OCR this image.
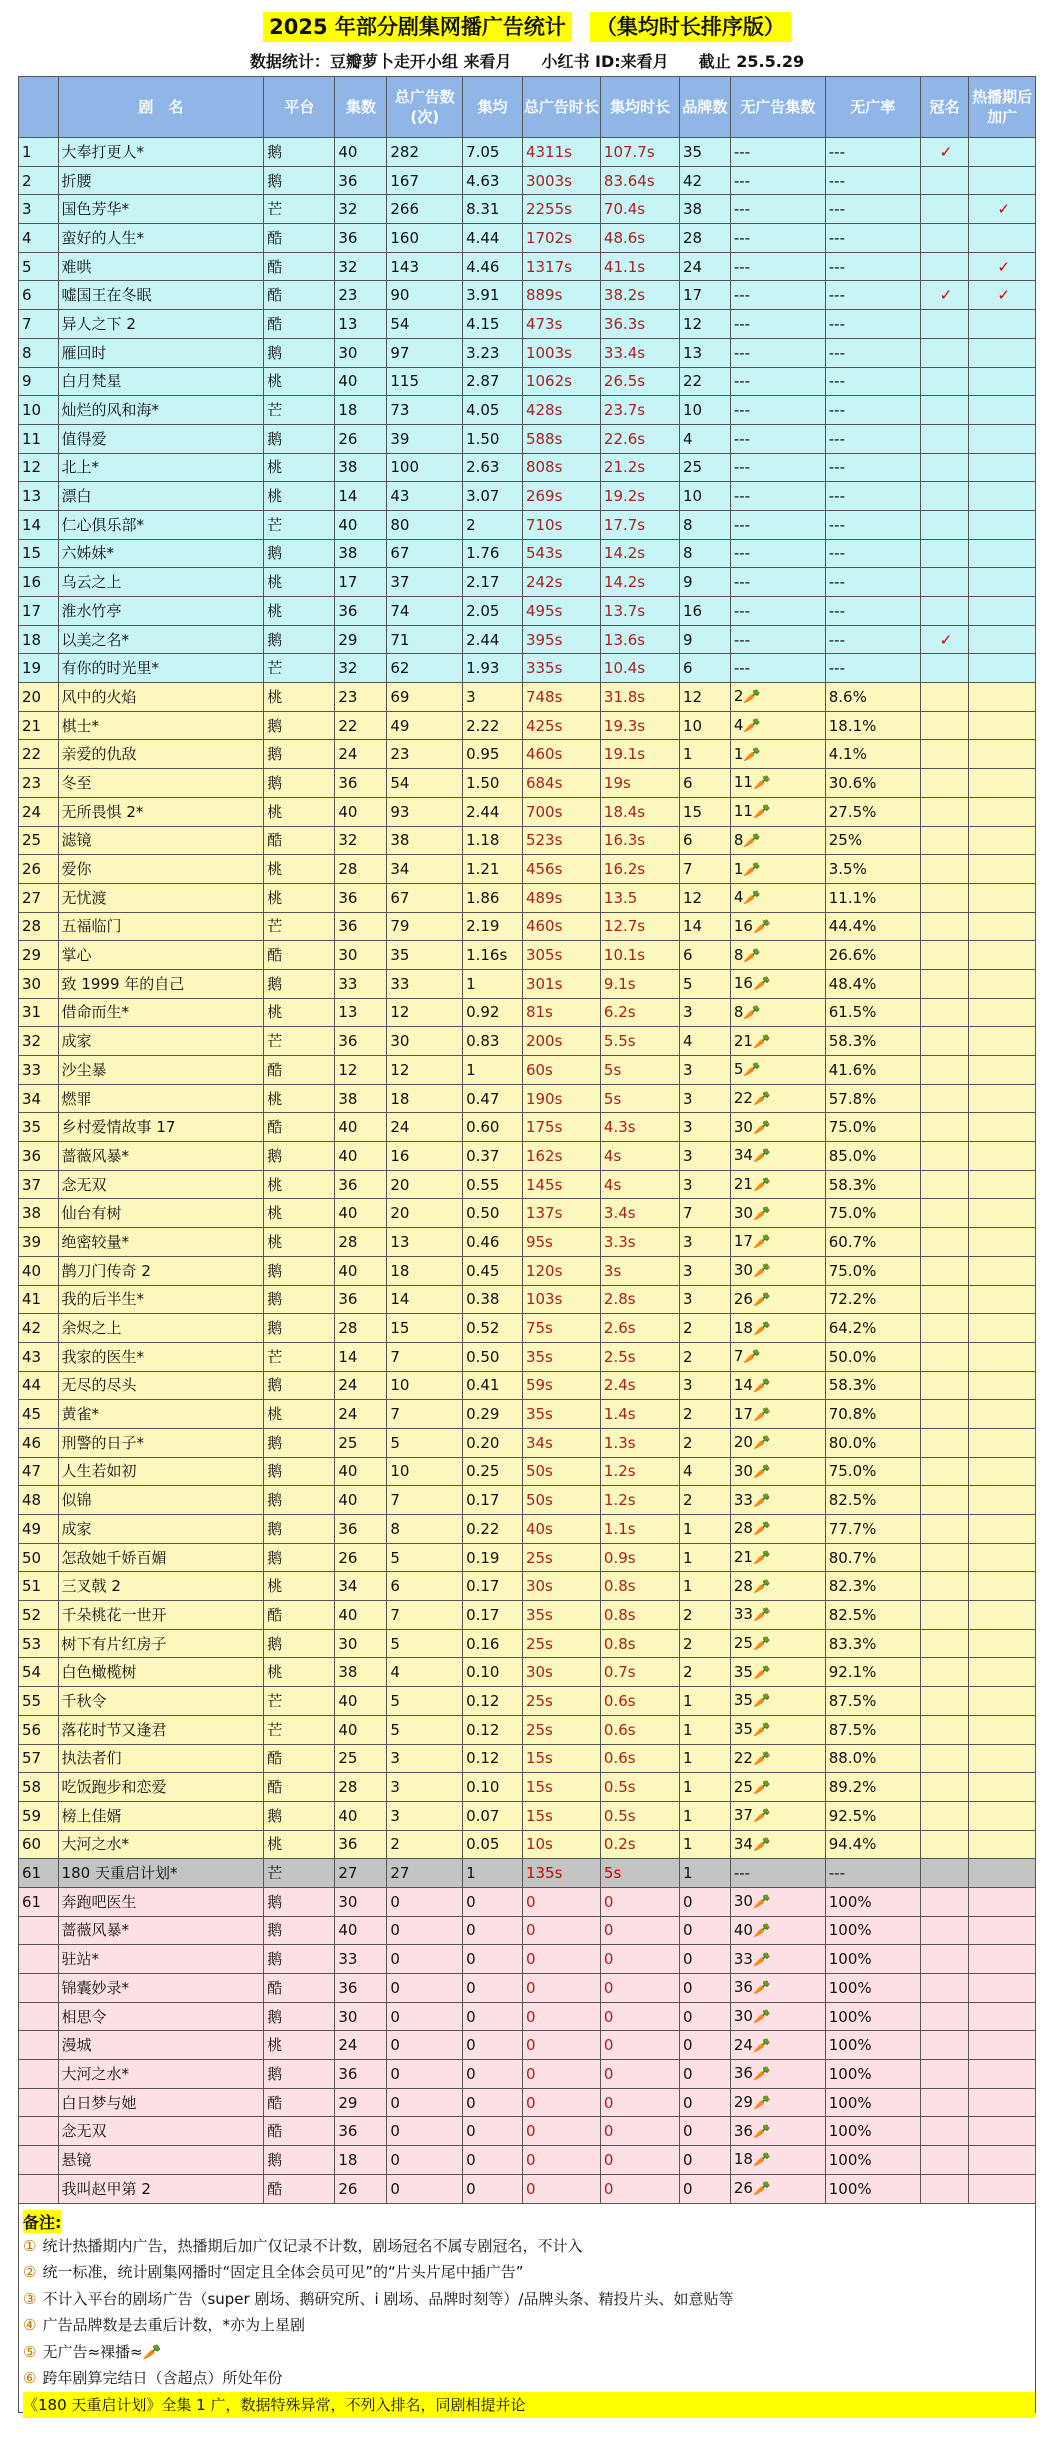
2025 年部分剧集网播广告统计 （集均时长排序版）
数据统计：豆瓣萝卜走开小组 来看月 小红书 ID:来看月 截止 25.5.29
	剧　名	平台	集数	总广告数(次)	集均	总广告时长	集均时长	品牌数	无广告集数	无广率	冠名	热播期后加广
1	大奉打更人*	鹅	40	282	7.05	4311s	107.7s	35	---	---	✓	
2	折腰	鹅	36	167	4.63	3003s	83.64s	42	---	---		
3	国色芳华*	芒	32	266	8.31	2255s	70.4s	38	---	---		✓
4	蛮好的人生*	酷	36	160	4.44	1702s	48.6s	28	---	---		
5	难哄	酷	32	143	4.46	1317s	41.1s	24	---	---		✓
6	嘘国王在冬眠	酷	23	90	3.91	889s	38.2s	17	---	---	✓	✓
7	异人之下 2	酷	13	54	4.15	473s	36.3s	12	---	---		
8	雁回时	鹅	30	97	3.23	1003s	33.4s	13	---	---		
9	白月梵星	桃	40	115	2.87	1062s	26.5s	22	---	---		
10	灿烂的风和海*	芒	18	73	4.05	428s	23.7s	10	---	---		
11	值得爱	鹅	26	39	1.50	588s	22.6s	4	---	---		
12	北上*	桃	38	100	2.63	808s	21.2s	25	---	---		
13	漂白	桃	14	43	3.07	269s	19.2s	10	---	---		
14	仁心俱乐部*	芒	40	80	2	710s	17.7s	8	---	---		
15	六姊妹*	鹅	38	67	1.76	543s	14.2s	8	---	---		
16	乌云之上	桃	17	37	2.17	242s	14.2s	9	---	---		
17	淮水竹亭	桃	36	74	2.05	495s	13.7s	16	---	---		
18	以美之名*	鹅	29	71	2.44	395s	13.6s	9	---	---	✓	
19	有你的时光里*	芒	32	62	1.93	335s	10.4s	6	---	---		
20	风中的火焰	桃	23	69	3	748s	31.8s	12	2🥕	8.6%		
21	棋士*	鹅	22	49	2.22	425s	19.3s	10	4🥕	18.1%		
22	亲爱的仇敌	鹅	24	23	0.95	460s	19.1s	1	1🥕	4.1%		
23	冬至	鹅	36	54	1.50	684s	19s	6	11🥕	30.6%		
24	无所畏惧 2*	桃	40	93	2.44	700s	18.4s	15	11🥕	27.5%		
25	滤镜	酷	32	38	1.18	523s	16.3s	6	8🥕	25%		
26	爱你	桃	28	34	1.21	456s	16.2s	7	1🥕	3.5%		
27	无忧渡	桃	36	67	1.86	489s	13.5	12	4🥕	11.1%		
28	五福临门	芒	36	79	2.19	460s	12.7s	14	16🥕	44.4%		
29	掌心	酷	30	35	1.16s	305s	10.1s	6	8🥕	26.6%		
30	致 1999 年的自己	鹅	33	33	1	301s	9.1s	5	16🥕	48.4%		
31	借命而生*	桃	13	12	0.92	81s	6.2s	3	8🥕	61.5%		
32	成家	芒	36	30	0.83	200s	5.5s	4	21🥕	58.3%		
33	沙尘暴	酷	12	12	1	60s	5s	3	5🥕	41.6%		
34	燃罪	桃	38	18	0.47	190s	5s	3	22🥕	57.8%		
35	乡村爱情故事 17	酷	40	24	0.60	175s	4.3s	3	30🥕	75.0%		
36	蔷薇风暴*	鹅	40	16	0.37	162s	4s	3	34🥕	85.0%		
37	念无双	桃	36	20	0.55	145s	4s	3	21🥕	58.3%		
38	仙台有树	桃	40	20	0.50	137s	3.4s	7	30🥕	75.0%		
39	绝密较量*	桃	28	13	0.46	95s	3.3s	3	17🥕	60.7%		
40	鹊刀门传奇 2	鹅	40	18	0.45	120s	3s	3	30🥕	75.0%		
41	我的后半生*	鹅	36	14	0.38	103s	2.8s	3	26🥕	72.2%		
42	余烬之上	鹅	28	15	0.52	75s	2.6s	2	18🥕	64.2%		
43	我家的医生*	芒	14	7	0.50	35s	2.5s	2	7🥕	50.0%		
44	无尽的尽头	鹅	24	10	0.41	59s	2.4s	3	14🥕	58.3%		
45	黄雀*	桃	24	7	0.29	35s	1.4s	2	17🥕	70.8%		
46	刑警的日子*	鹅	25	5	0.20	34s	1.3s	2	20🥕	80.0%		
47	人生若如初	鹅	40	10	0.25	50s	1.2s	4	30🥕	75.0%		
48	似锦	鹅	40	7	0.17	50s	1.2s	2	33🥕	82.5%		
49	成家	鹅	36	8	0.22	40s	1.1s	1	28🥕	77.7%		
50	怎敌她千娇百媚	鹅	26	5	0.19	25s	0.9s	1	21🥕	80.7%		
51	三叉戟 2	桃	34	6	0.17	30s	0.8s	1	28🥕	82.3%		
52	千朵桃花一世开	酷	40	7	0.17	35s	0.8s	2	33🥕	82.5%		
53	树下有片红房子	鹅	30	5	0.16	25s	0.8s	2	25🥕	83.3%		
54	白色橄榄树	桃	38	4	0.10	30s	0.7s	2	35🥕	92.1%		
55	千秋令	芒	40	5	0.12	25s	0.6s	1	35🥕	87.5%		
56	落花时节又逢君	芒	40	5	0.12	25s	0.6s	1	35🥕	87.5%		
57	执法者们	酷	25	3	0.12	15s	0.6s	1	22🥕	88.0%		
58	吃饭跑步和恋爱	酷	28	3	0.10	15s	0.5s	1	25🥕	89.2%		
59	榜上佳婿	鹅	40	3	0.07	15s	0.5s	1	37🥕	92.5%		
60	大河之水*	桃	36	2	0.05	10s	0.2s	1	34🥕	94.4%		
61	180 天重启计划*	芒	27	27	1	135s	5s	1	---	---		
61	奔跑吧医生	鹅	30	0	0	0	0	0	30🥕	100%		
	蔷薇风暴*	鹅	40	0	0	0	0	0	40🥕	100%		
	驻站*	鹅	33	0	0	0	0	0	33🥕	100%		
	锦囊妙录*	酷	36	0	0	0	0	0	36🥕	100%		
	相思令	鹅	30	0	0	0	0	0	30🥕	100%		
	漫城	桃	24	0	0	0	0	0	24🥕	100%		
	大河之水*	鹅	36	0	0	0	0	0	36🥕	100%		
	白日梦与她	酷	29	0	0	0	0	0	29🥕	100%		
	念无双	酷	36	0	0	0	0	0	36🥕	100%		
	悬镜	鹅	18	0	0	0	0	0	18🥕	100%		
	我叫赵甲第 2	酷	26	0	0	0	0	0	26🥕	100%		
备注:
① 统计热播期内广告，热播期后加广仅记录不计数，剧场冠名不属专剧冠名，不计入
② 统一标准，统计剧集网播时“固定且全体会员可见”的“片头片尾中插广告”
③ 不计入平台的剧场广告（super 剧场、鹅研究所、i 剧场、品牌时刻等）/品牌头条、精投片头、如意贴等
④ 广告品牌数是去重后计数，*亦为上星剧
⑤ 无广告≈裸播≈🥕
⑥ 跨年剧算完结日（含超点）所处年份
《180 天重启计划》全集 1 广，数据特殊异常，不列入排名，同剧相提并论
